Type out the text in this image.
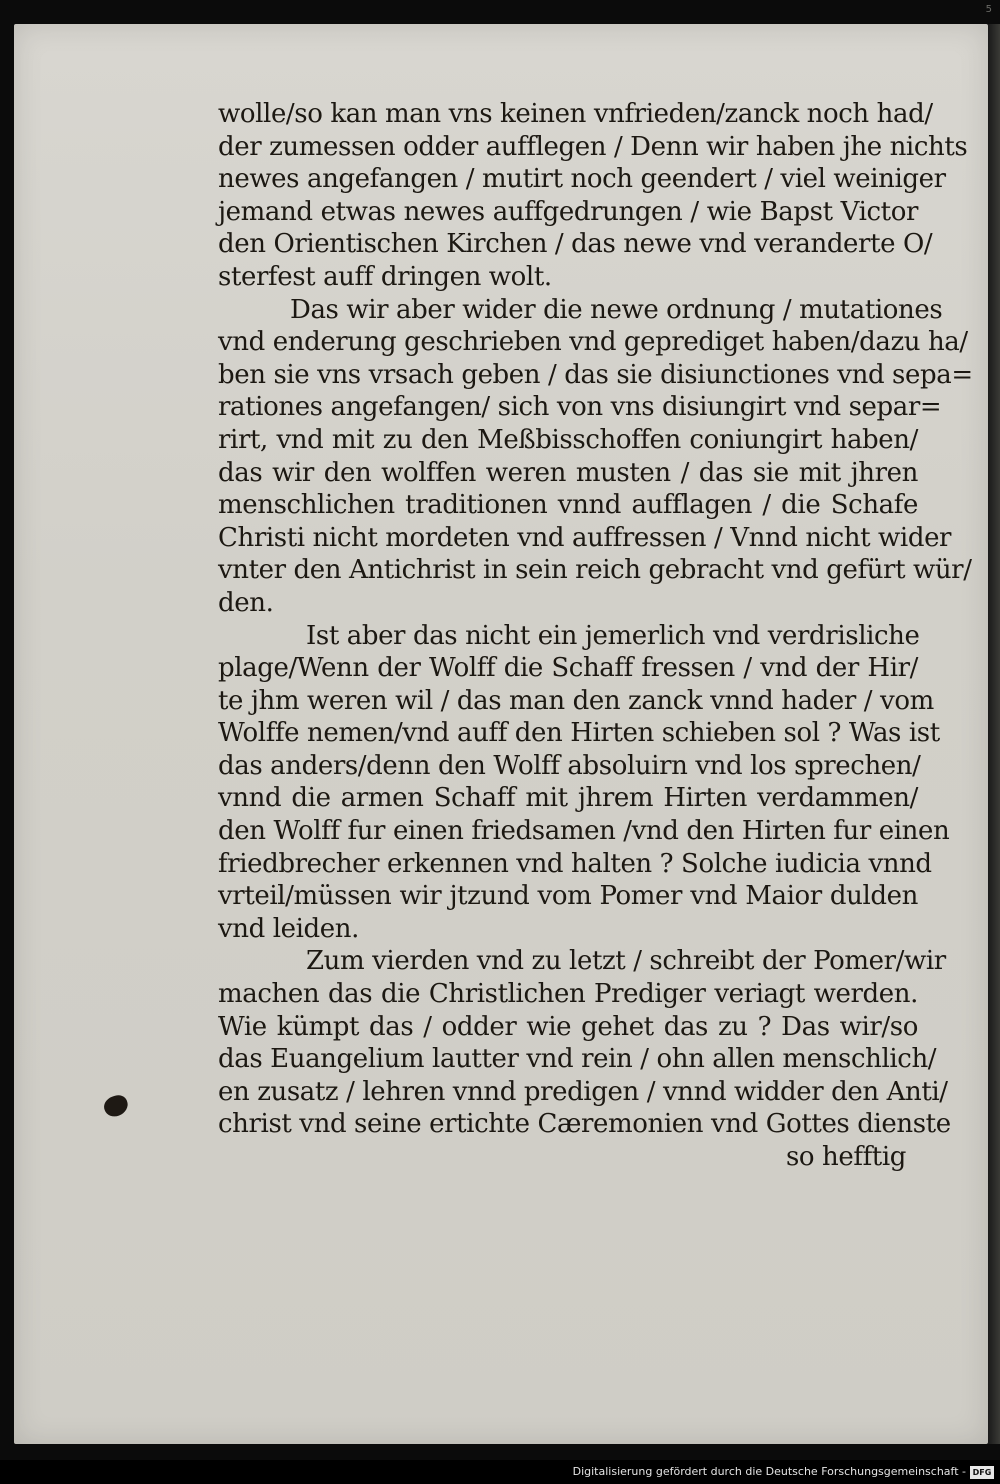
5
wolle/so kan man vns keinen vnfrieden/zanck noch had/
der zumessen odder aufflegen / Denn wir haben jhe nichts
newes angefangen / mutirt noch geendert / viel weiniger
jemand etwas newes auffgedrungen / wie Bapst Victor
den Orientischen Kirchen / das newe vnd veranderte O/
sterfest auff dringen wolt.
Das wir aber wider die newe ordnung / mutationes
vnd enderung geschrieben vnd geprediget haben/dazu ha/
ben sie vns vrsach geben / das sie disiunctiones vnd sepa=
rationes angefangen/ sich von vns disiungirt vnd separ=
rirt, vnd mit zu den Meßbisschoffen coniungirt haben/
das wir den wolffen weren musten / das sie mit jhren
menschlichen traditionen vnnd aufflagen / die Schafe
Christi nicht mordeten vnd auffressen / Vnnd nicht wider
vnter den Antichrist in sein reich gebracht vnd gefürt wür/
den.
Ist aber das nicht ein jemerlich vnd verdrisliche
plage/Wenn der Wolff die Schaff fressen / vnd der Hir/
te jhm weren wil / das man den zanck vnnd hader / vom
Wolffe nemen/vnd auff den Hirten schieben sol ? Was ist
das anders/denn den Wolff absoluirn vnd los sprechen/
vnnd die armen Schaff mit jhrem Hirten verdammen/
den Wolff fur einen friedsamen /vnd den Hirten fur einen
friedbrecher erkennen vnd halten ? Solche iudicia vnnd
vrteil/müssen wir jtzund vom Pomer vnd Maior dulden
vnd leiden.
Zum vierden vnd zu letzt / schreibt der Pomer/wir
machen das die Christlichen Prediger veriagt werden.
Wie kümpt das / odder wie gehet das zu ? Das wir/so
das Euangelium lautter vnd rein / ohn allen menschlich/
en zusatz / lehren vnnd predigen / vnnd widder den Anti/
christ vnd seine ertichte Cæremonien vnd Gottes dienste
so hefftig
Digitalisierung gefördert durch die Deutsche Forschungsgemeinschaft - DFG
